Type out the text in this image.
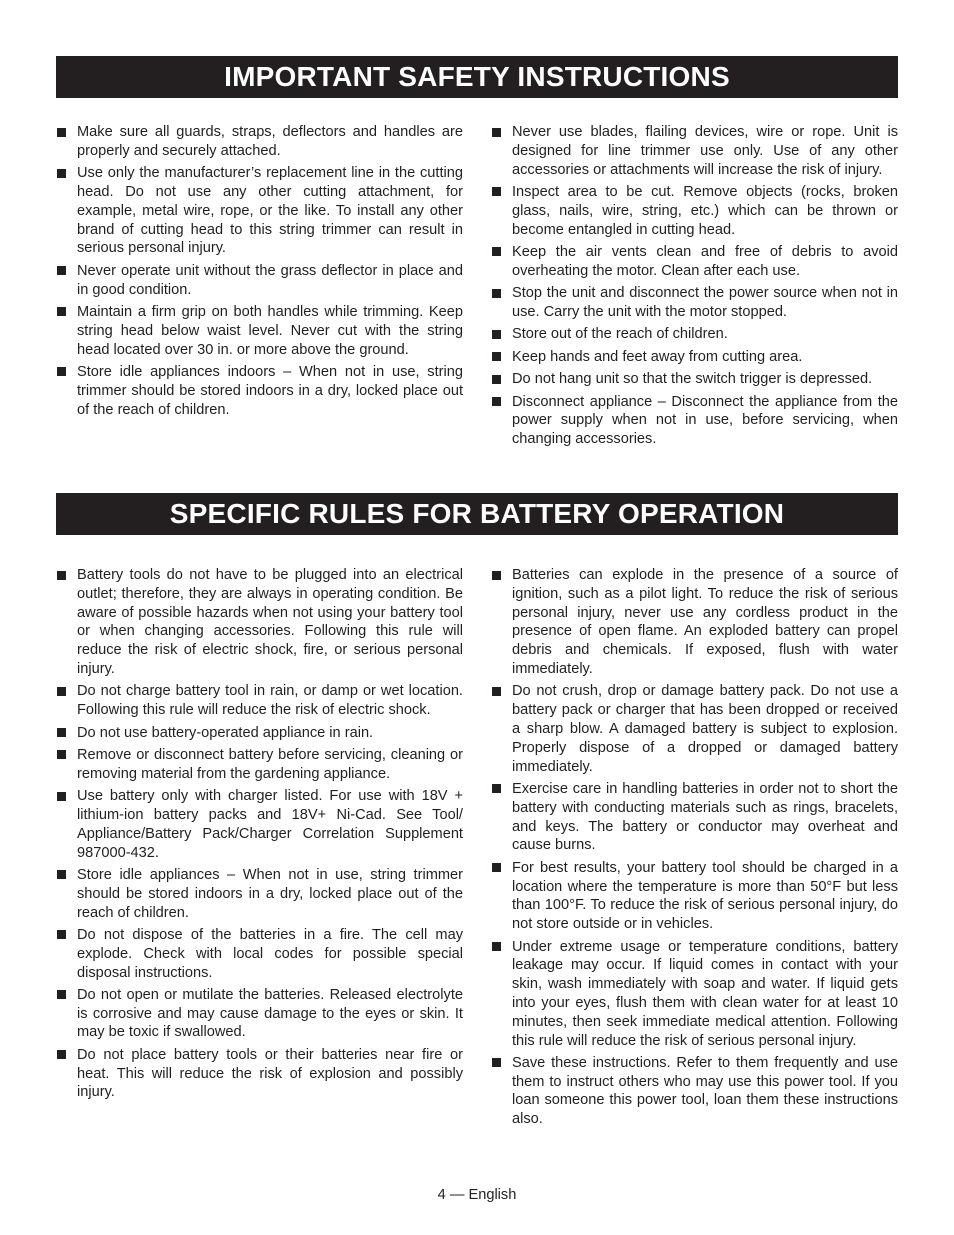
IMPORTANT SAFETY INSTRUCTIONS
Make sure all guards, straps, deflectors and handles are properly and securely attached.
Use only the manufacturer’s replacement line in the cutting head. Do not use any other cutting attachment, for example, metal wire, rope, or the like. To install any other brand of cutting head to this string trimmer can result in serious personal injury.
Never operate unit without the grass deflector in place and in good condition.
Maintain a firm grip on both handles while trimming. Keep string head below waist level. Never cut with the string head located over 30 in. or more above the ground.
Store idle appliances indoors – When not in use, string trimmer should be stored indoors in a dry, locked place out of the reach of children.
Never use blades, flailing devices, wire or rope. Unit is designed for line trimmer use only. Use of any other accessories or attachments will increase the risk of injury.
Inspect area to be cut. Remove objects (rocks, broken glass, nails, wire, string, etc.) which can be thrown or become entangled in cutting head.
Keep the air vents clean and free of debris to avoid overheating the motor. Clean after each use.
Stop the unit and disconnect the power source when not in use. Carry the unit with the motor stopped.
Store out of the reach of children.
Keep hands and feet away from cutting area.
Do not hang unit so that the switch trigger is depressed.
Disconnect appliance – Disconnect the appliance from the power supply when not in use, before servicing, when changing accessories.
SPECIFIC RULES FOR BATTERY OPERATION
Battery tools do not have to be plugged into an electrical outlet; therefore, they are always in operating condition. Be aware of possible hazards when not using your battery tool or when changing accessories. Following this rule will reduce the risk of electric shock, fire, or serious personal injury.
Do not charge battery tool in rain, or damp or wet location. Following this rule will reduce the risk of electric shock.
Do not use battery-operated appliance in rain.
Remove or disconnect battery before servicing, cleaning or removing material from the gardening appliance.
Use battery only with charger listed. For use with 18V + lithium-ion battery packs and 18V+ Ni-Cad. See Tool/ Appliance/Battery Pack/Charger Correlation Supplement 987000-432.
Store idle appliances – When not in use, string trimmer should be stored indoors in a dry, locked place out of the reach of children.
Do not dispose of the batteries in a fire. The cell may explode. Check with local codes for possible special disposal instructions.
Do not open or mutilate the batteries. Released electrolyte is corrosive and may cause damage to the eyes or skin. It may be toxic if swallowed.
Do not place battery tools or their batteries near fire or heat. This will reduce the risk of explosion and possibly injury.
Batteries can explode in the presence of a source of ignition, such as a pilot light. To reduce the risk of serious personal injury, never use any cordless product in the presence of open flame. An exploded battery can propel debris and chemicals. If exposed, flush with water immediately.
Do not crush, drop or damage battery pack. Do not use a battery pack or charger that has been dropped or received a sharp blow. A damaged battery is subject to explosion. Properly dispose of a dropped or damaged battery immediately.
Exercise care in handling batteries in order not to short the battery with conducting materials such as rings, bracelets, and keys. The battery or conductor may overheat and cause burns.
For best results, your battery tool should be charged in a location where the temperature is more than 50°F but less than 100°F. To reduce the risk of serious personal injury, do not store outside or in vehicles.
Under extreme usage or temperature conditions, battery leakage may occur. If liquid comes in contact with your skin, wash immediately with soap and water. If liquid gets into your eyes, flush them with clean water for at least 10 minutes, then seek immediate medical attention. Following this rule will reduce the risk of serious personal injury.
Save these instructions. Refer to them frequently and use them to instruct others who may use this power tool. If you loan someone this power tool, loan them these instructions also.
4 — English
